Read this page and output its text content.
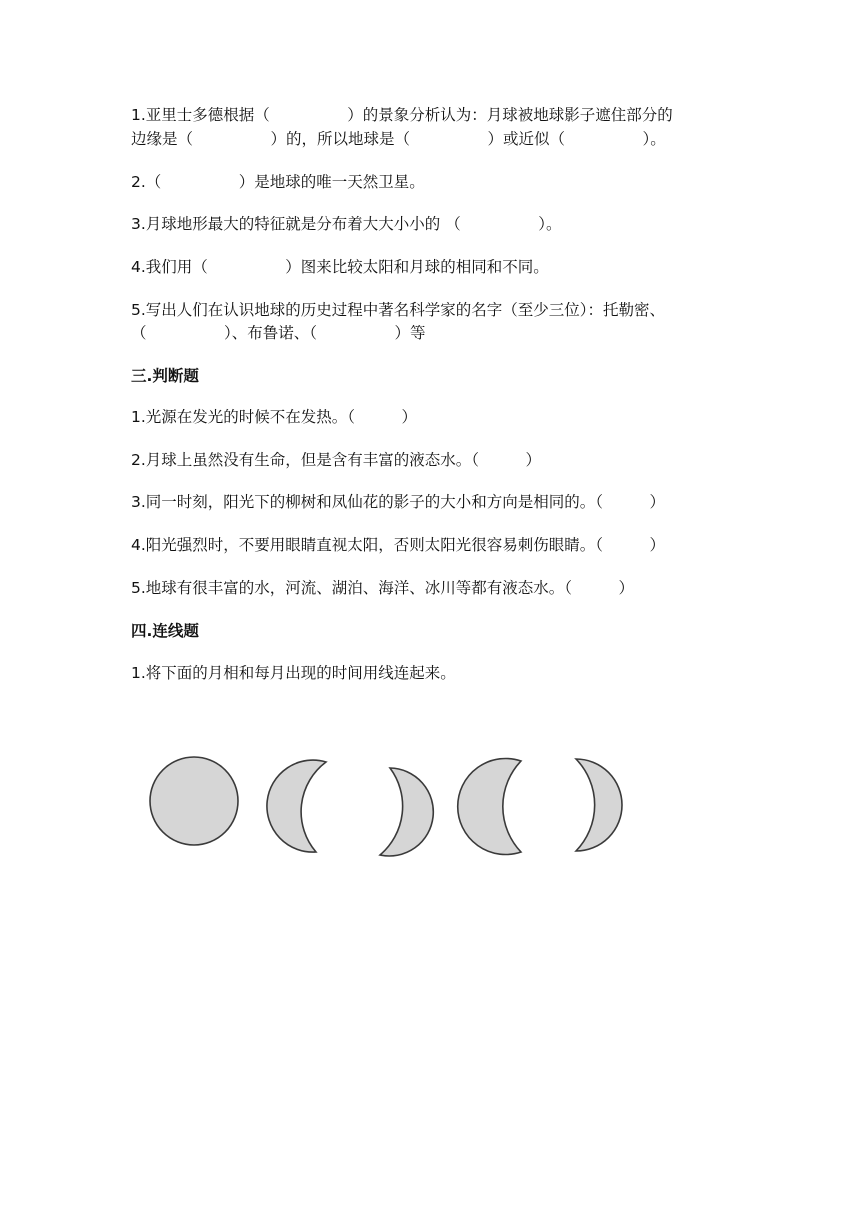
1.亚里士多德根据（　　　　　）的景象分析认为：月球被地球影子遮住部分的
边缘是（　　　　　）的，所以地球是（　　　　　）或近似（　　　　　）。
2.（　　　　　）是地球的唯一天然卫星。
3.月球地形最大的特征就是分布着大大小小的 （　　　　　）。
4.我们用（　　　　　）图来比较太阳和月球的相同和不同。
5.写出人们在认识地球的历史过程中著名科学家的名字（至少三位）：托勒密、
（　　　　　）、布鲁诺、（　　　　　）等
三.判断题
1.光源在发光的时候不在发热。（　　　）
2.月球上虽然没有生命，但是含有丰富的液态水。（　　　）
3.同一时刻，阳光下的柳树和凤仙花的影子的大小和方向是相同的。（　　　）
4.阳光强烈时，不要用眼睛直视太阳，否则太阳光很容易刺伤眼睛。（　　　）
5.地球有很丰富的水，河流、湖泊、海洋、冰川等都有液态水。（　　　）
四.连线题
1.将下面的月相和每月出现的时间用线连起来。
